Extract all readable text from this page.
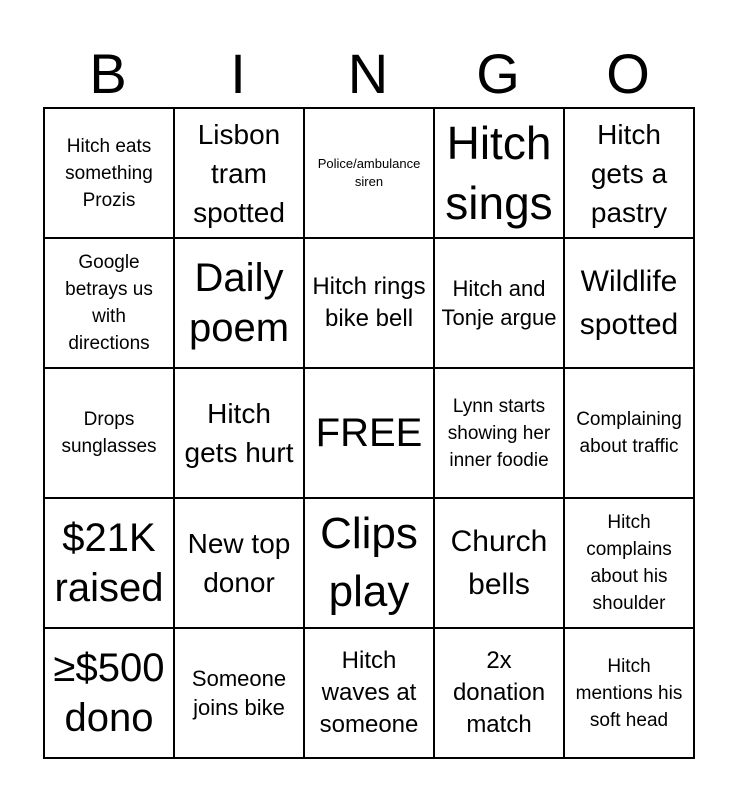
B	I	N	G	O
Hitch eats something Prozis	Lisbon tram spotted	Police/ambulance siren	Hitch sings	Hitch gets a pastry

Google betrays us with directions	Daily poem	Hitch rings bike bell	Hitch and Tonje argue	Wildlife spotted

Drops sunglasses	Hitch gets hurt	FREE	Lynn starts showing her inner foodie	Complaining about traffic

$21K raised	New top donor	Clips play	Church bells	Hitch complains about his shoulder

≥$500 dono	Someone joins bike	Hitch waves at someone	2x donation match	Hitch mentions his soft head
